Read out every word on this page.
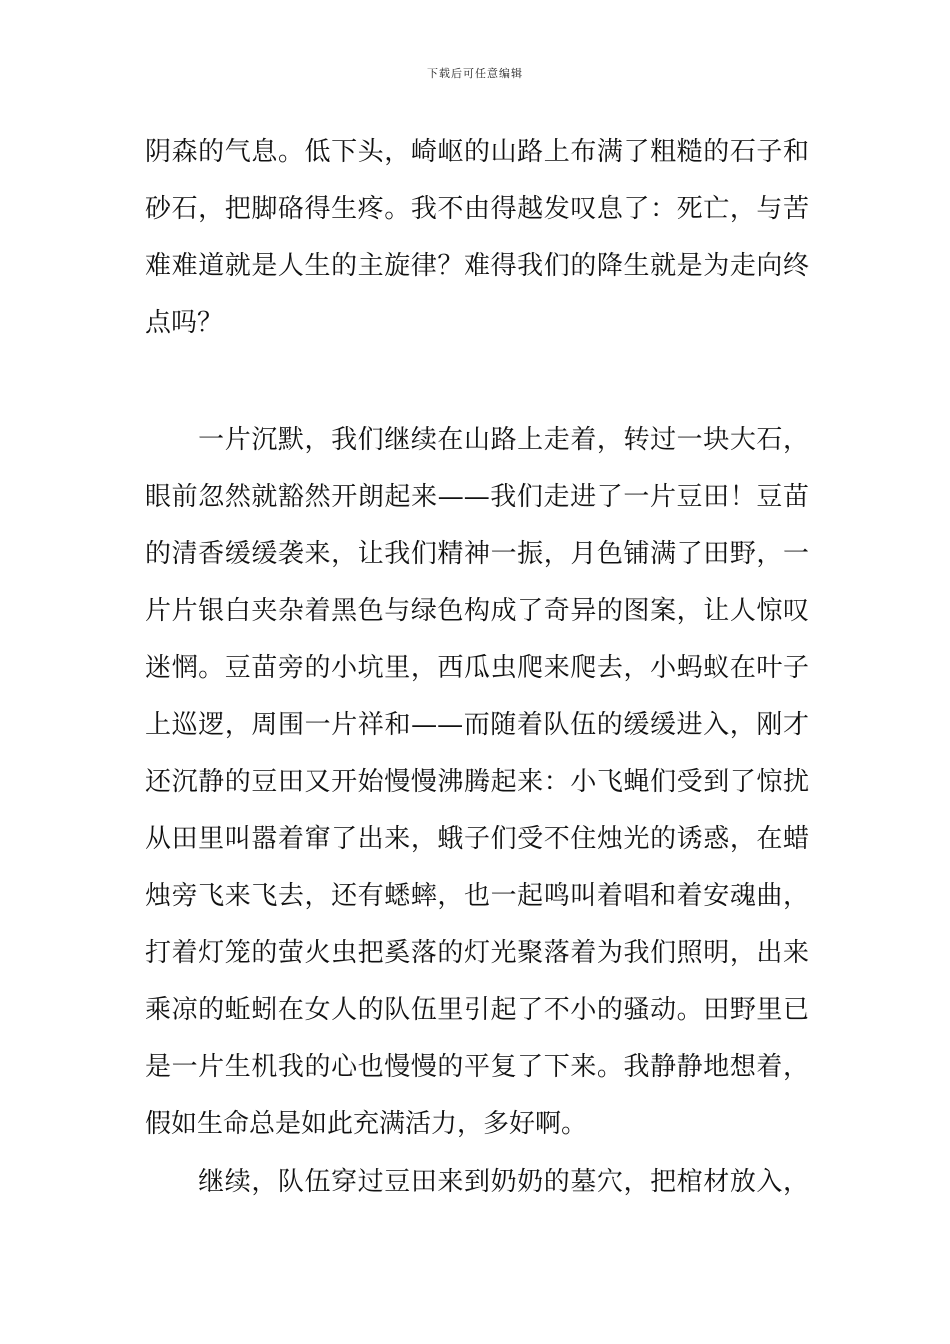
下载后可任意编辑
阴森的气息。低下头，崎岖的山路上布满了粗糙的石子和
砂石，把脚硌得生疼。我不由得越发叹息了：死亡，与苦
难难道就是人生的主旋律？难得我们的降生就是为走向终
点吗？
　　一片沉默，我们继续在山路上走着，转过一块大石，
眼前忽然就豁然开朗起来——我们走进了一片豆田！豆苗
的清香缓缓袭来，让我们精神一振，月色铺满了田野，一
片片银白夹杂着黑色与绿色构成了奇异的图案，让人惊叹
迷惘。豆苗旁的小坑里，西瓜虫爬来爬去，小蚂蚁在叶子
上巡逻，周围一片祥和——而随着队伍的缓缓进入，刚才
还沉静的豆田又开始慢慢沸腾起来：小飞蝇们受到了惊扰
从田里叫嚣着窜了出来，蛾子们受不住烛光的诱惑，在蜡
烛旁飞来飞去，还有蟋蟀，也一起鸣叫着唱和着安魂曲，
打着灯笼的萤火虫把奚落的灯光聚落着为我们照明，出来
乘凉的蚯蚓在女人的队伍里引起了不小的骚动。田野里已
是一片生机我的心也慢慢的平复了下来。我静静地想着，
假如生命总是如此充满活力，多好啊。
　　继续，队伍穿过豆田来到奶奶的墓穴，把棺材放入，
